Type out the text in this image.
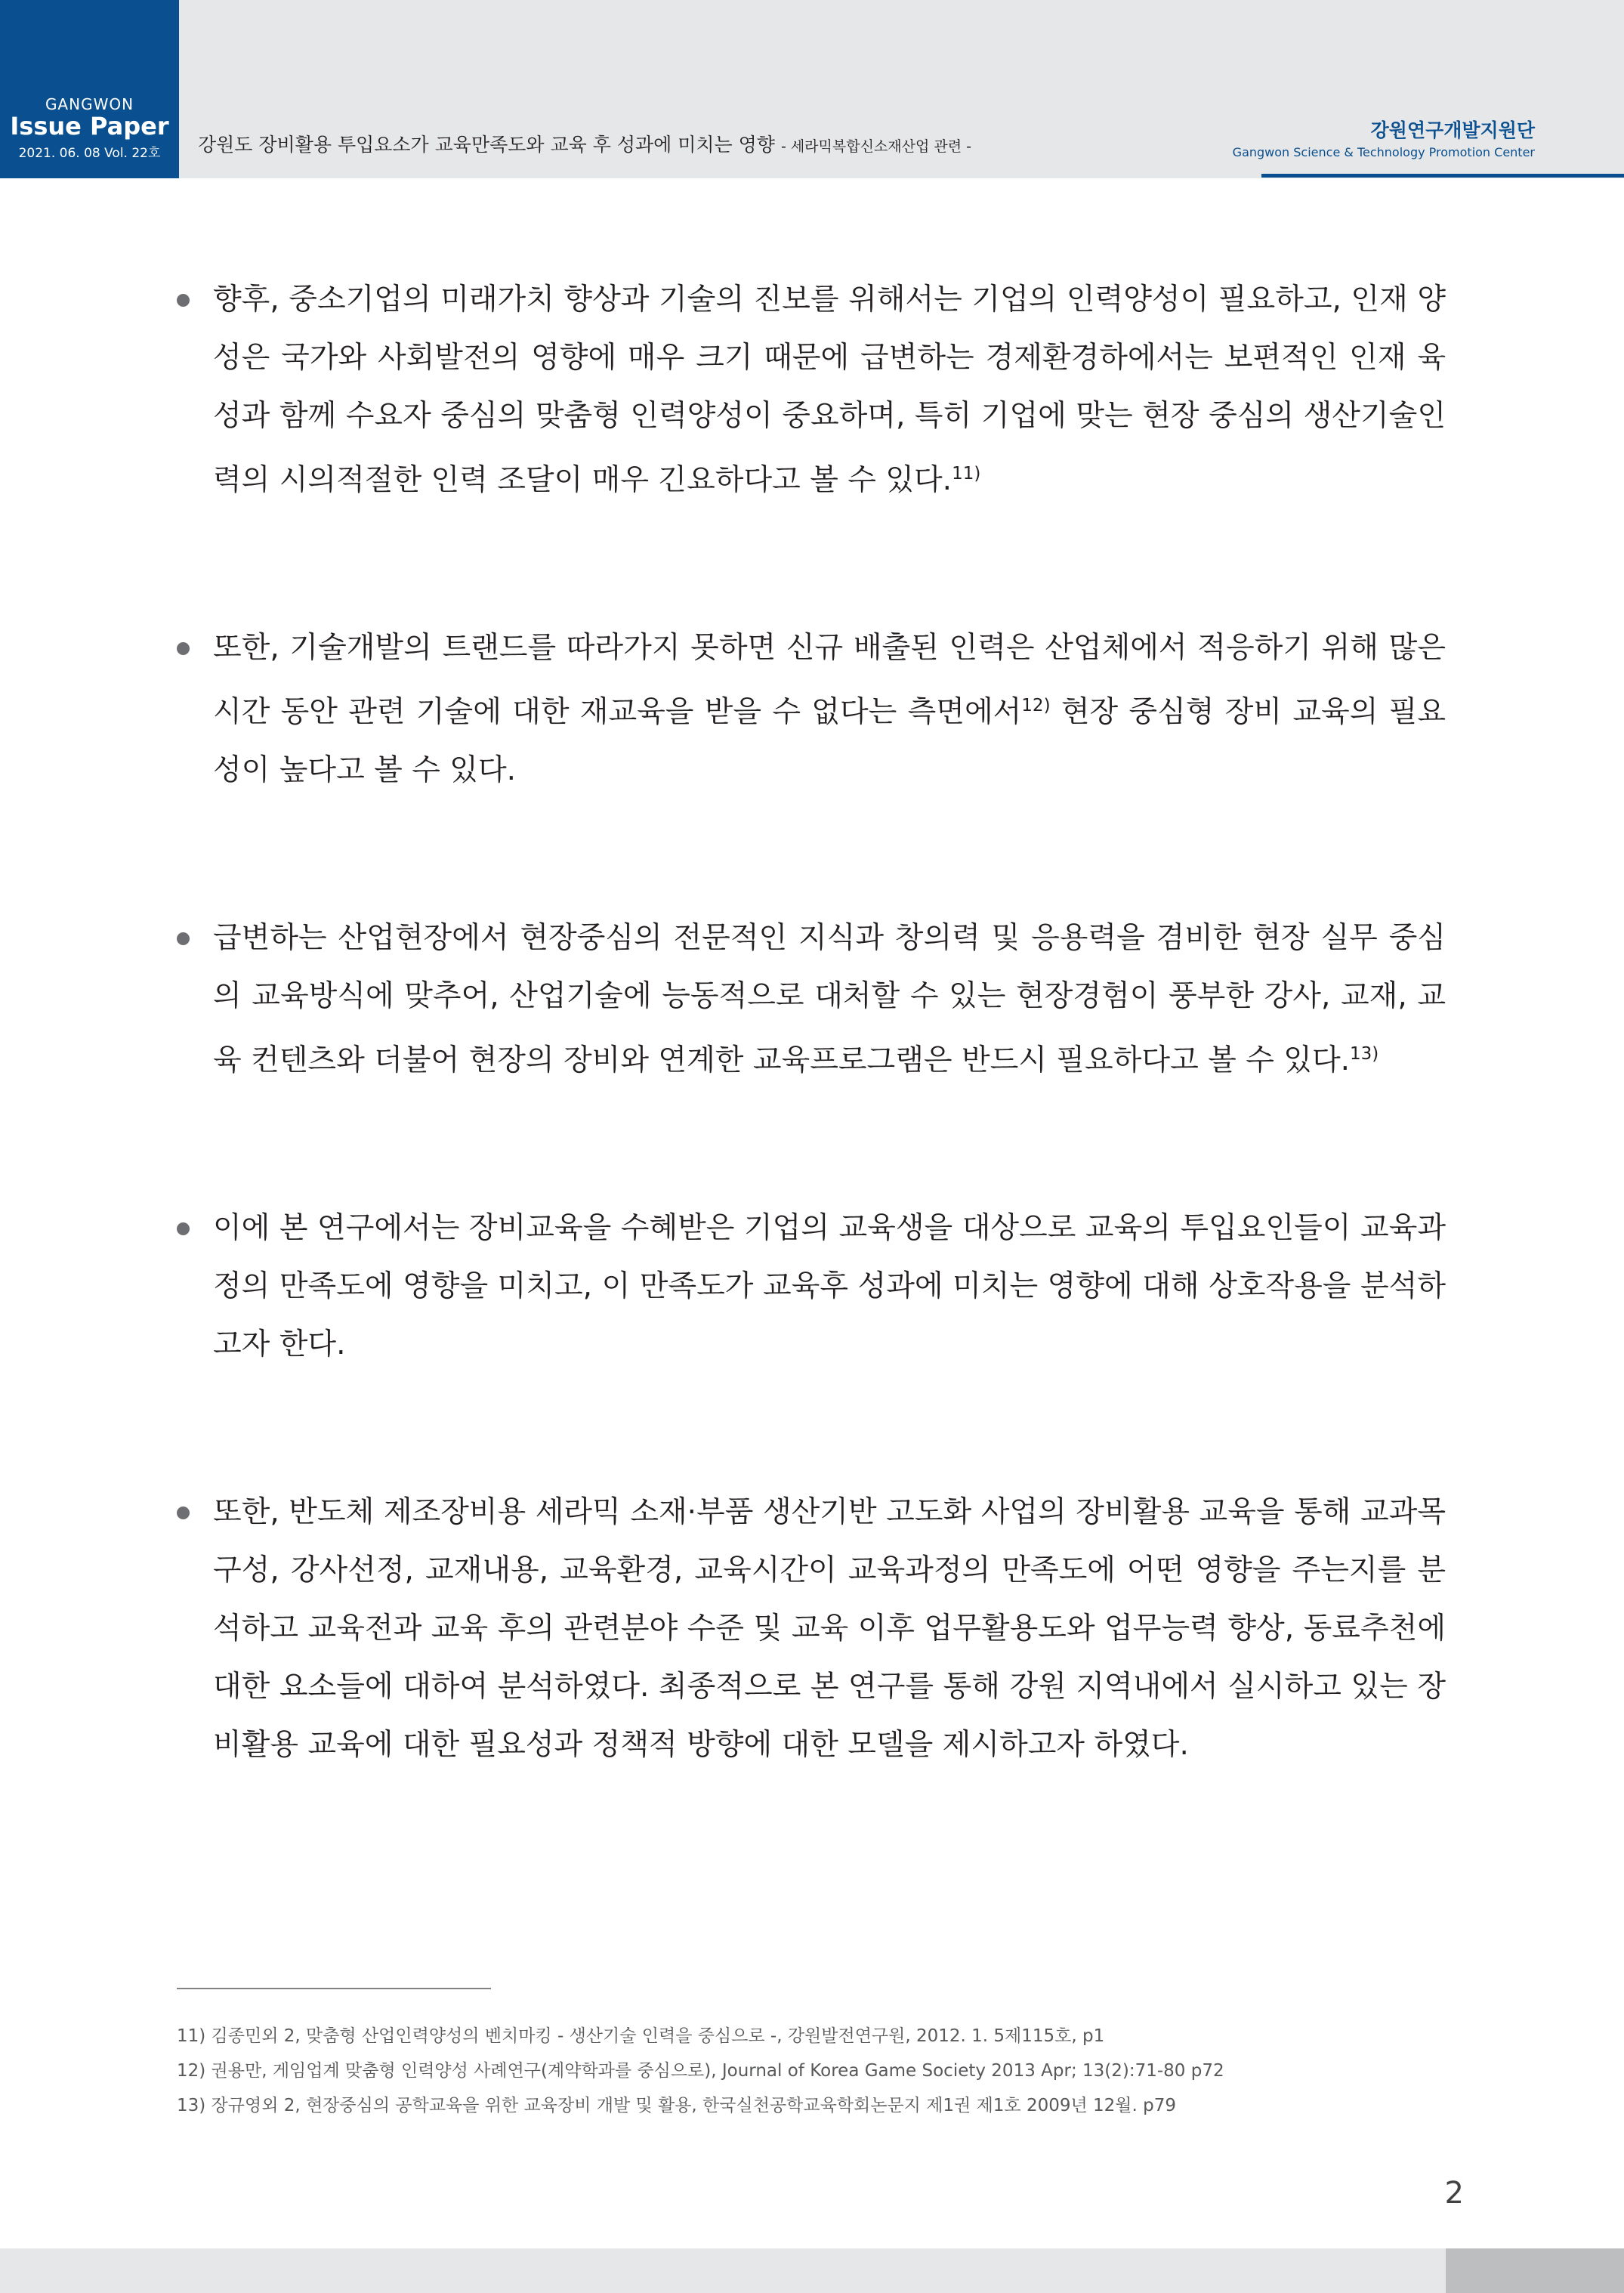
GANGWON
Issue Paper
2021. 06. 08 Vol. 22호	강원도 장비활용 투입요소가 교육만족도와 교육 후 성과에 미치는 영향 - 세라믹복합신소재산업 관련 -
강원연구개발지원단
Gangwon Science & Technology Promotion Center
향후, 중소기업의 미래가치 향상과 기술의 진보를 위해서는 기업의 인력양성이 필요하고, 인재 양성은 국가와 사회발전의 영향에 매우 크기 때문에 급변하는 경제환경하에서는 보편적인 인재 육성과 함께 수요자 중심의 맞춤형 인력양성이 중요하며, 특히 기업에 맞는 현장 중심의 생산기술인력의 시의적절한 인력 조달이 매우 긴요하다고 볼 수 있다.$^{11)}$
또한, 기술개발의 트랜드를 따라가지 못하면 신규 배출된 인력은 산업체에서 적응하기 위해 많은 시간 동안 관련 기술에 대한 재교육을 받을 수 없다는 측면에서$^{12)}$ 현장 중심형 장비 교육의 필요성이 높다고 볼 수 있다.
급변하는 산업현장에서 현장중심의 전문적인 지식과 창의력 및 응용력을 겸비한 현장 실무 중심의 교육방식에 맞추어, 산업기술에 능동적으로 대처할 수 있는 현장경험이 풍부한 강사, 교재, 교육 컨텐츠와 더불어 현장의 장비와 연계한 교육프로그램은 반드시 필요하다고 볼 수 있다.$^{13)}$
이에 본 연구에서는 장비교육을 수혜받은 기업의 교육생을 대상으로 교육의 투입요인들이 교육과정의 만족도에 영향을 미치고, 이 만족도가 교육후 성과에 미치는 영향에 대해 상호작용을 분석하고자 한다.
또한, 반도체 제조장비용 세라믹 소재·부품 생산기반 고도화 사업의 장비활용 교육을 통해 교과목 구성, 강사선정, 교재내용, 교육환경, 교육시간이 교육과정의 만족도에 어떤 영향을 주는지를 분석하고 교육전과 교육 후의 관련분야 수준 및 교육 이후 업무활용도와 업무능력 향상, 동료추천에 대한 요소들에 대하여 분석하였다. 최종적으로 본 연구를 통해 강원 지역내에서 실시하고 있는 장비활용 교육에 대한 필요성과 정책적 방향에 대한 모델을 제시하고자 하였다.
11) 김종민외 2, 맞춤형 산업인력양성의 벤치마킹 - 생산기술 인력을 중심으로 -, 강원발전연구원, 2012. 1. 5제115호, p1
12) 권용만, 게임업계 맞춤형 인력양성 사례연구(계약학과를 중심으로), Journal of Korea Game Society 2013 Apr; 13(2):71-80 p72
13) 장규영외 2, 현장중심의 공학교육을 위한 교육장비 개발 및 활용, 한국실천공학교육학회논문지 제1권 제1호 2009년 12월. p79
2
